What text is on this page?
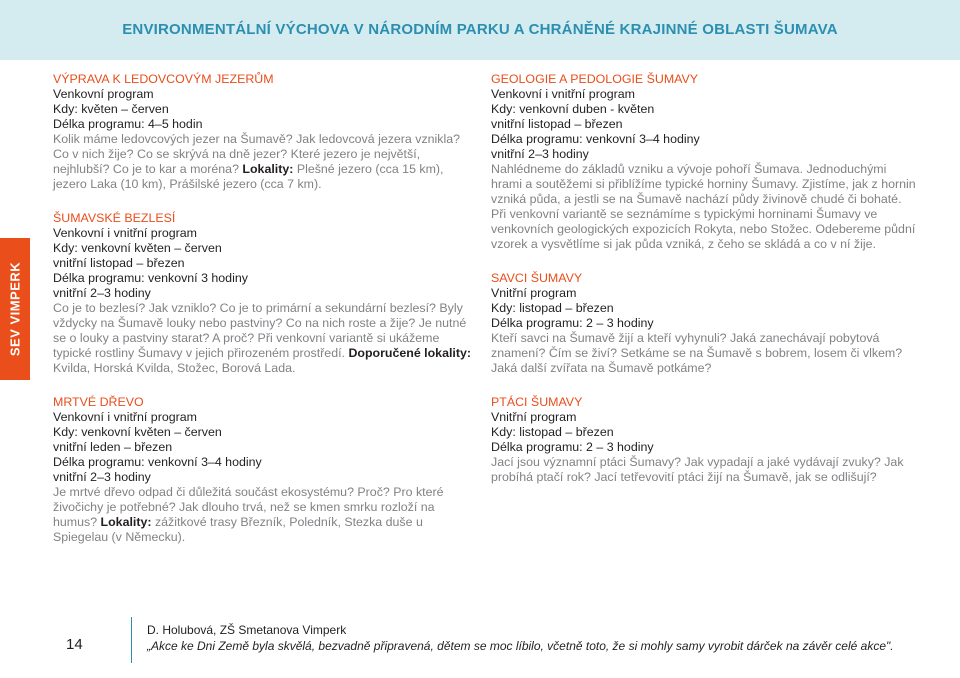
ENVIRONMENTÁLNÍ VÝCHOVA V NÁRODNÍM PARKU A CHRÁNĚNÉ KRAJINNÉ OBLASTI ŠUMAVA
SEV VIMPERK
VÝPRAVA K LEDOVCOVÝM JEZERŮM
Venkovní program
Kdy: květen – červen
Délka programu: 4–5 hodin
Kolik máme ledovcových jezer na Šumavě? Jak ledovcová jezera vznikla? Co v nich žije? Co se skrývá na dně jezer? Které jezero je největší, nejhlubší? Co je to kar a moréna? Lokality: Plešné jezero (cca 15 km), jezero Laka (10 km), Prášilské jezero (cca 7 km).
ŠUMAVSKÉ BEZLESÍ
Venkovní i vnitřní program
Kdy: venkovní květen – červen
vnitřní listopad – březen
Délka programu: venkovní 3 hodiny
vnitřní 2–3 hodiny
Co je to bezlesí? Jak vzniklo? Co je to primární a sekundární bezlesí? Byly vždycky na Šumavě louky nebo pastviny? Co na nich roste a žije? Je nutné se o louky a pastviny starat? A proč? Při venkovní variantě si ukážeme typické rostliny Šumavy v jejich přirozeném prostředí. Doporučené lokality: Kvilda, Horská Kvilda, Stožec, Borová Lada.
MRTVÉ DŘEVO
Venkovní i vnitřní program
Kdy: venkovní květen – červen
vnitřní leden – březen
Délka programu: venkovní 3–4 hodiny
vnitřní 2–3 hodiny
Je mrtvé dřevo odpad či důležitá součást ekosystému? Proč? Pro které živočichy je potřebné? Jak dlouho trvá, než se kmen smrku rozloží na humus? Lokality: zážitkové trasy Březník, Poledník, Stezka duše u Spiegelau (v Německu).
GEOLOGIE A PEDOLOGIE ŠUMAVY
Venkovní i vnitřní program
Kdy: venkovní duben - květen
vnitřní listopad – březen
Délka programu: venkovní 3–4 hodiny
vnitřní 2–3 hodiny
Nahlédneme do základů vzniku a vývoje pohoří Šumava. Jednoduchými hrami a soutěžemi si přiblížíme typické horniny Šumavy. Zjistíme, jak z hornin vzniká půda, a jestli se na Šumavě nachází půdy živinově chudé či bohaté. Při venkovní variantě se seznámíme s typickými horninami Šumavy ve venkovních geologických expozicích Rokyta, nebo Stožec. Odebereme půdní vzorek a vysvětlíme si jak půda vzniká, z čeho se skládá a co v ní žije.
SAVCI ŠUMAVY
Vnitřní program
Kdy: listopad – březen
Délka programu: 2 – 3 hodiny
Kteří savci na Šumavě žijí a kteří vyhynuli? Jaká zanechávají pobytová znamení? Čím se živí? Setkáme se na Šumavě s bobrem, losem či vlkem? Jaká další zvířata na Šumavě potkáme?
PTÁCI ŠUMAVY
Vnitřní program
Kdy: listopad – březen
Délka programu: 2 – 3 hodiny
Jací jsou významní ptáci Šumavy? Jak vypadají a jaké vydávají zvuky? Jak probíhá ptačí rok? Jací tetřevovití ptáci žijí na Šumavě, jak se odlišují?
14
D. Holubová, ZŠ Smetanova Vimperk
„Akce ke Dni Země byla skvělá, bezvadně připravená, dětem se moc líbilo, včetně toto, že si mohly samy vyrobit dárček na závěr celé akce".
